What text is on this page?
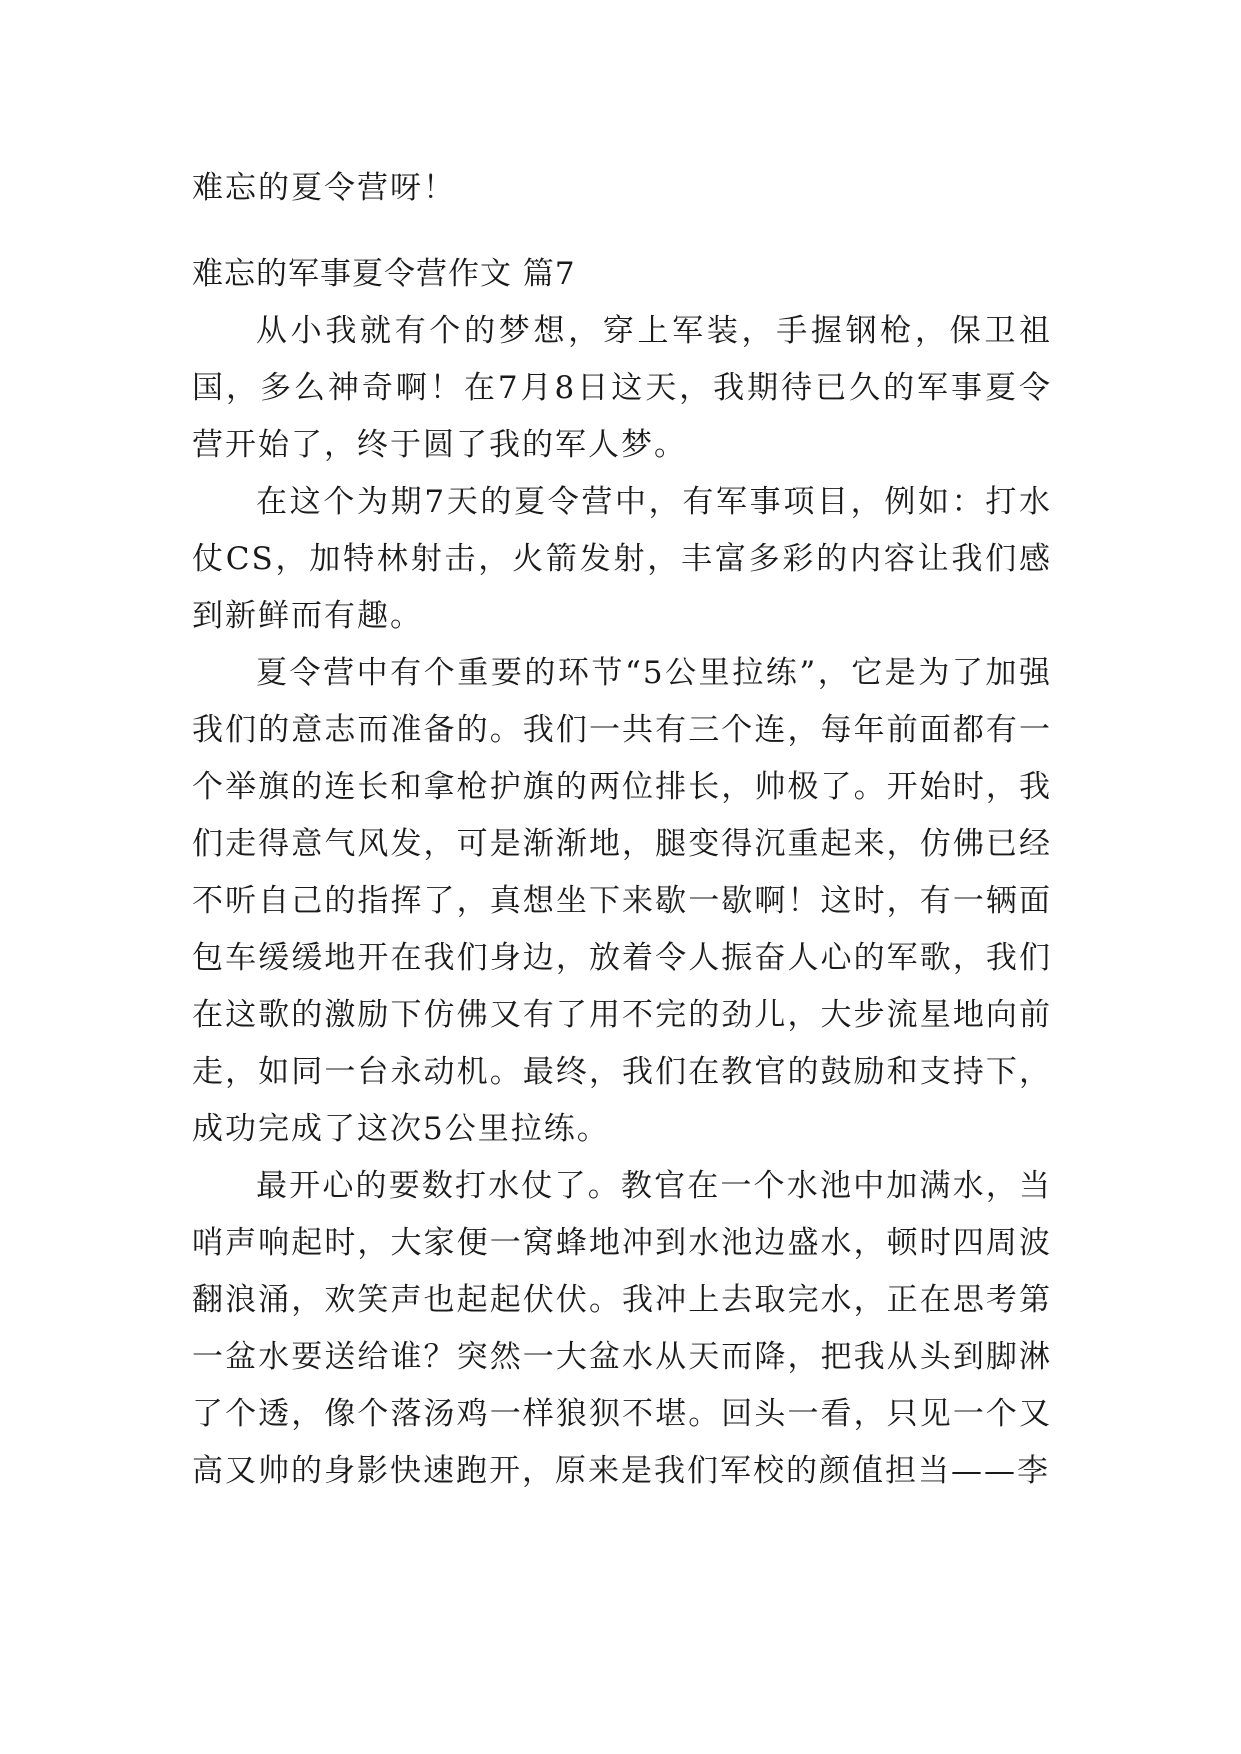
难忘的夏令营呀！

难忘的军事夏令营作文 篇7

从小我就有个的梦想，穿上军装，手握钢枪，保卫祖国，多么神奇啊！在7月8日这天，我期待已久的军事夏令营开始了，终于圆了我的军人梦。

在这个为期7天的夏令营中，有军事项目，例如：打水仗CS，加特林射击，火箭发射，丰富多彩的内容让我们感到新鲜而有趣。

夏令营中有个重要的环节“5公里拉练”，它是为了加强我们的意志而准备的。我们一共有三个连，每年前面都有一个举旗的连长和拿枪护旗的两位排长，帅极了。开始时，我们走得意气风发，可是渐渐地，腿变得沉重起来，仿佛已经不听自己的指挥了，真想坐下来歇一歇啊！这时，有一辆面包车缓缓地开在我们身边，放着令人振奋人心的军歌，我们在这歌的激励下仿佛又有了用不完的劲儿，大步流星地向前走，如同一台永动机。最终，我们在教官的鼓励和支持下，成功完成了这次5公里拉练。

最开心的要数打水仗了。教官在一个水池中加满水，当哨声响起时，大家便一窝蜂地冲到水池边盛水，顿时四周波翻浪涌，欢笑声也起起伏伏。我冲上去取完水，正在思考第一盆水要送给谁？突然一大盆水从天而降，把我从头到脚淋了个透，像个落汤鸡一样狼狈不堪。回头一看，只见一个又高又帅的身影快速跑开，原来是我们军校的颜值担当——李
